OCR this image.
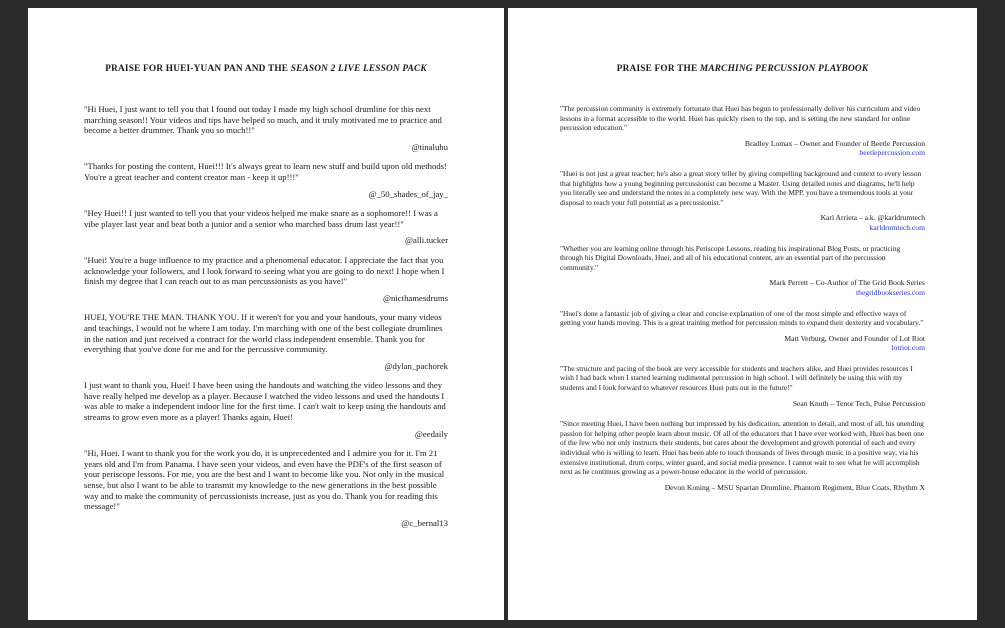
PRAISE FOR HUEI-YUAN PAN AND THE SEASON 2 LIVE LESSON PACK

"Hi Huei, I just want to tell you that I found out today I made my high school drumline for this next marching season!! Your videos and tips have helped so much, and it truly motivated me to practice and become a better drummer. Thank you so much!!"

@tinaluhu

"Thanks for posting the content, Huei!!! It's always great to learn new stuff and build upon old methods! You're a great teacher and content creator man - keep it up!!!"

@_50_shades_of_jay_

"Hey Huei!! I just wanted to tell you that your videos helped me make snare as a sophomore!! I was a vibe player last year and beat both a junior and a senior who marched bass drum last year!!"

@alli.tucker

"Huei! You're a huge influence to my practice and a phenomenal educator. I appreciate the fact that you acknowledge your followers, and I look forward to seeing what you are going to do next! I hope when I finish my degree that I can reach out to as man percussionists as you have!"

@nicthamesdrums

HUEI, YOU'RE THE MAN. THANK YOU. If it weren't for you and your handouts, your many videos and teachings, I would not be where I am today. I'm marching with one of the best collegiate drumlines in the nation and just received a contract for the world class independent ensemble. Thank you for everything that you've done for me and for the percussive community.

@dylan_pachorek

I just want to thank you, Huei! I have been using the handouts and watching the video lessons and they have really helped me develop as a player. Because I watched the video lessons and used the handouts I was able to make a independent indoor line for the first time. I can't wait to keep using the handouts and streams to grow even more as a player! Thanks again, Huei!

@eedaily

"Hi, Huei. I want to thank you for the work you do, it is unprecedented and I admire you for it. I'm 21 years old and I'm from Panama. I have seen your videos, and even have the PDF's of the first season of your periscope lessons. For me, you are the best and I want to become like you. Not only in the musical sense, but also I want to be able to transmit my knowledge to the new generations in the best possible way and to make the community of percussionists increase, just as you do. Thank you for reading this message!"

@c_bernal13
PRAISE FOR THE MARCHING PERCUSSION PLAYBOOK

"The percussion community is extremely fortunate that Huei has begun to professionally deliver his curriculum and video lessons in a format accessible to the world. Huei has quickly risen to the top, and is setting the new standard for online percussion education."

Bradley Lomax – Owner and Founder of Beetle Percussion
beetlepercussion.com

"Huei is not just a great teacher; he's also a great story teller by giving compelling background and context to every lesson that highlights how a young beginning percussionist can become a Master. Using detailed notes and diagrams, he'll help you literally see and understand the notes in a completely new way. With the MPP, you have a tremendous tools at your disposal to reach your full potential as a percussionist."

Karl Arrieta – a.k. @karldrumtech
karldrumtech.com

"Whether you are learning online through his Periscope Lessons, reading his inspirational Blog Posts, or practicing through his Digital Downloads, Huei, and all of his educational content, are an essential part of the percussion community."

Mark Perrett – Co-Author of The Grid Book Series
thegridbookseries.com

"Huei's done a fantastic job of giving a clear and concise explanation of one of the most simple and effective ways of getting your hands moving. This is a great training method for percussion minds to expand their dexterity and vocabulary."

Matt Verburg, Owner and Founder of Lot Riot
lotriot.com

"The structure and pacing of the book are very accessible for students and teachers alike, and Huei provides resources I wish I had back when I started learning rudimental percussion in high school. I will definitely be using this with my students and I look forward to whatever resources Huei puts out in the future!"

Sean Knuth – Tenor Tech, Pulse Percussion

"Since meeting Huei, I have been nothing but impressed by his dedication, attention to detail, and most of all, his unending passion for helping other people learn about music. Of all of the educators that I have ever worked with, Huei has been one of the few who not only instructs their students, but cares about the development and growth potential of each and every individual who is willing to learn. Huei has been able to touch thousands of lives through music in a positive way, via his extensive institutional, drum corps, winter guard, and social media presence. I cannot wait to see what he will accomplish next as he continues growing as a power-house educator in the world of percussion.

Devon Koning – MSU Spartan Drumline, Phantom Regiment, Blue Coats, Rhythm X
